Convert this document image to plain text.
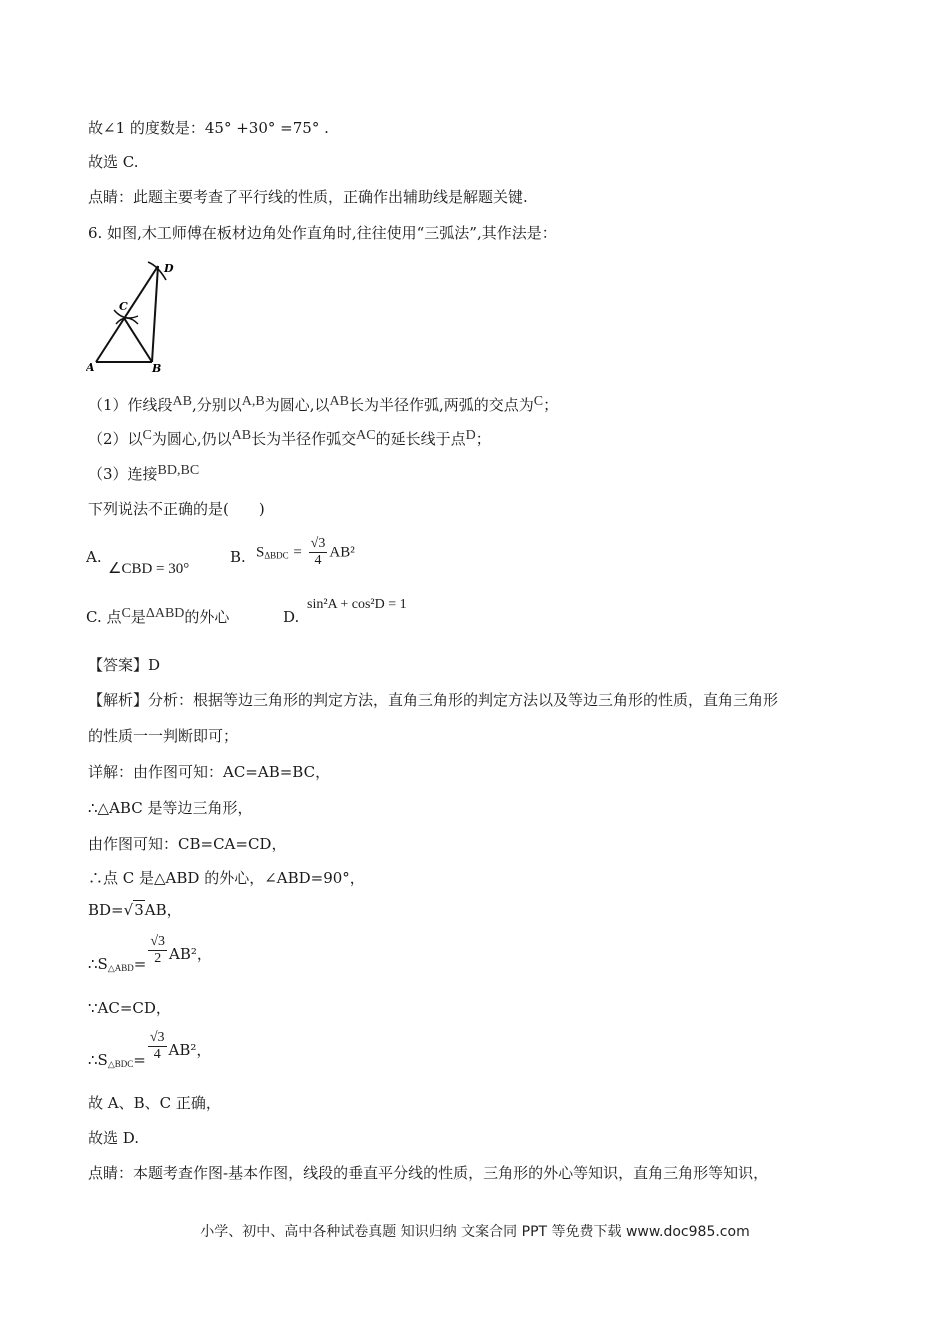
故∠1 的度数是：45° +30° =75° .
故选 C.
点睛：此题主要考查了平行线的性质，正确作出辅助线是解题关键.
6. 如图,木工师傅在板材边角处作直角时,往往使用“三弧法”,其作法是：
A	B
C
D
（1）作线段AB,分别以A,B为圆心,以AB长为半径作弧,两弧的交点为C；
（2）以C为圆心,仍以AB长为半径作弧交AC的延长线于点D；
（3）连接BD,BC
下列说法不正确的是(　　)
A.
∠CBD = 30°
B. $S_{\Delta BDC} = \frac{√3}{4} AB^2$
C. 点C是ΔABD的外心	D.
sin²A + cos²D = 1
【答案】D
【解析】分析：根据等边三角形的判定方法，直角三角形的判定方法以及等边三角形的性质，直角三角形
的性质一一判断即可；
详解：由作图可知：AC=AB=BC，
∴△ABC 是等边三角形，
由作图可知：CB=CA=CD，
∴点 C 是△ABD 的外心，∠ABD=90°，
BD=√3AB，
$\therefore S_{\triangle ABD}= \frac{√3}{2} AB^2$，
∵AC=CD，
$\therefore S_{\triangle BDC}= \frac{√3}{4} AB^2$，
故 A、B、C 正确，
故选 D.
点睛：本题考查作图-基本作图，线段的垂直平分线的性质，三角形的外心等知识，直角三角形等知识，
小学、初中、高中各种试卷真题 知识归纳 文案合同 PPT 等免费下载 www.doc985.com
